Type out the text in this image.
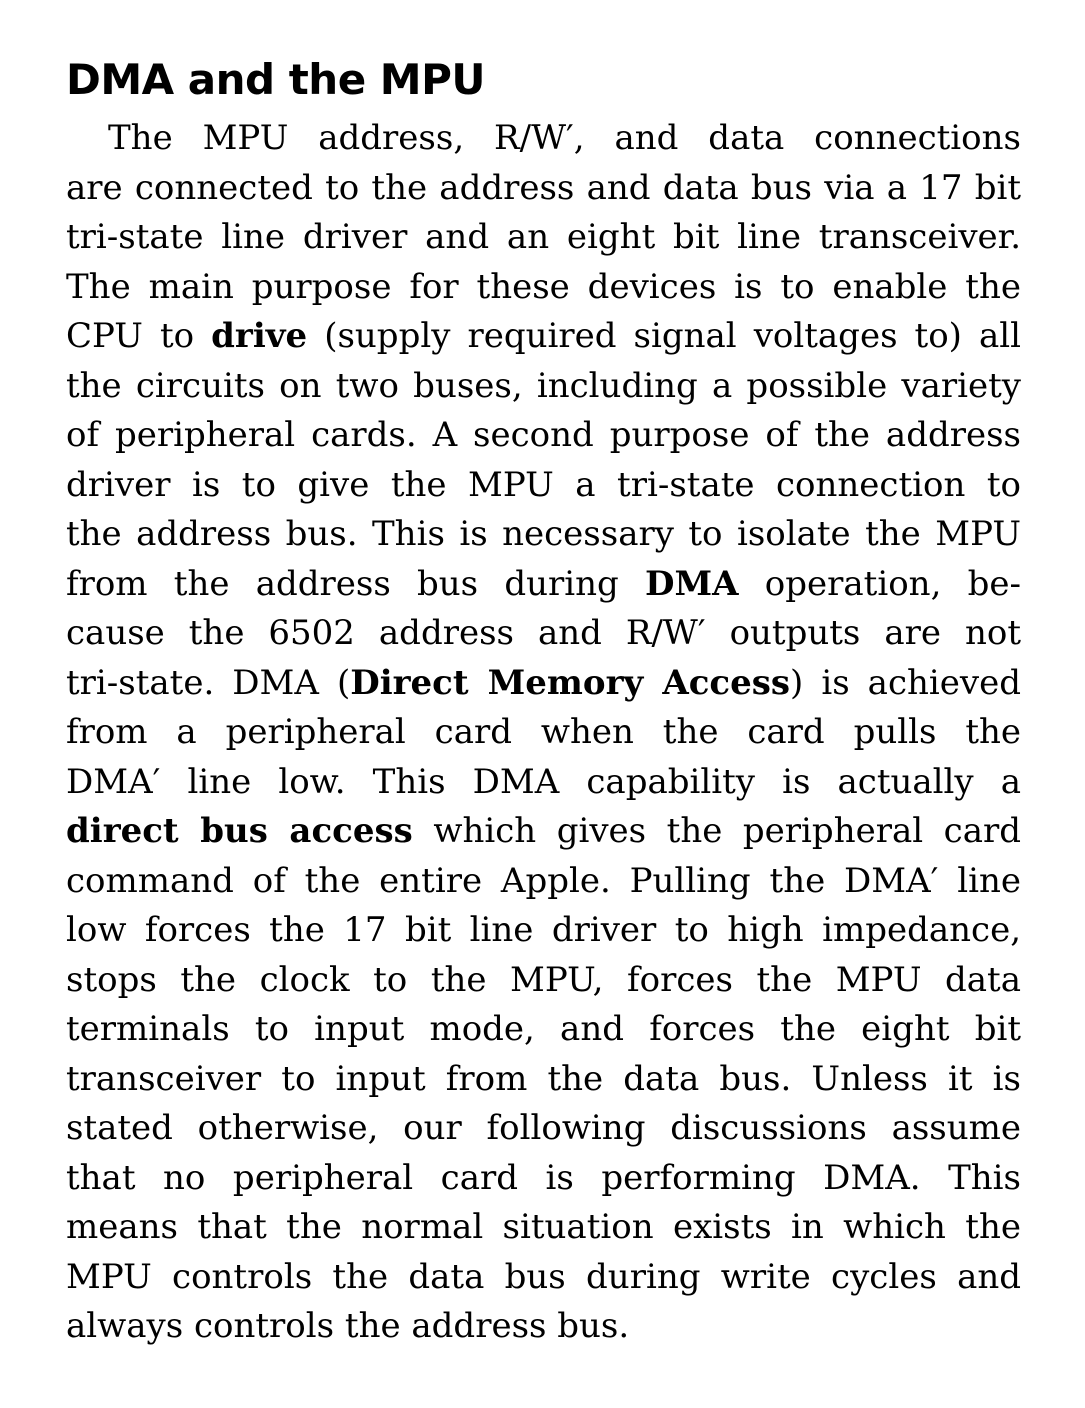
DMA and the MPU
The MPU address, R/W′, and data connections
are connected to the address and data bus via a 17 bit
tri-state line driver and an eight bit line transceiver.
The main purpose for these devices is to enable the
CPU to drive (supply required signal voltages to) all
the circuits on two buses, including a possible variety
of peripheral cards. A second purpose of the address
driver is to give the MPU a tri-state connection to
the address bus. This is necessary to isolate the MPU
from the address bus during DMA operation, be-
cause the 6502 address and R/W′ outputs are not
tri-state. DMA (Direct Memory Access) is achieved
from a peripheral card when the card pulls the
DMA′ line low. This DMA capability is actually a
direct bus access which gives the peripheral card
command of the entire Apple. Pulling the DMA′ line
low forces the 17 bit line driver to high impedance,
stops the clock to the MPU, forces the MPU data
terminals to input mode, and forces the eight bit
transceiver to input from the data bus. Unless it is
stated otherwise, our following discussions assume
that no peripheral card is performing DMA. This
means that the normal situation exists in which the
MPU controls the data bus during write cycles and
always controls the address bus.
